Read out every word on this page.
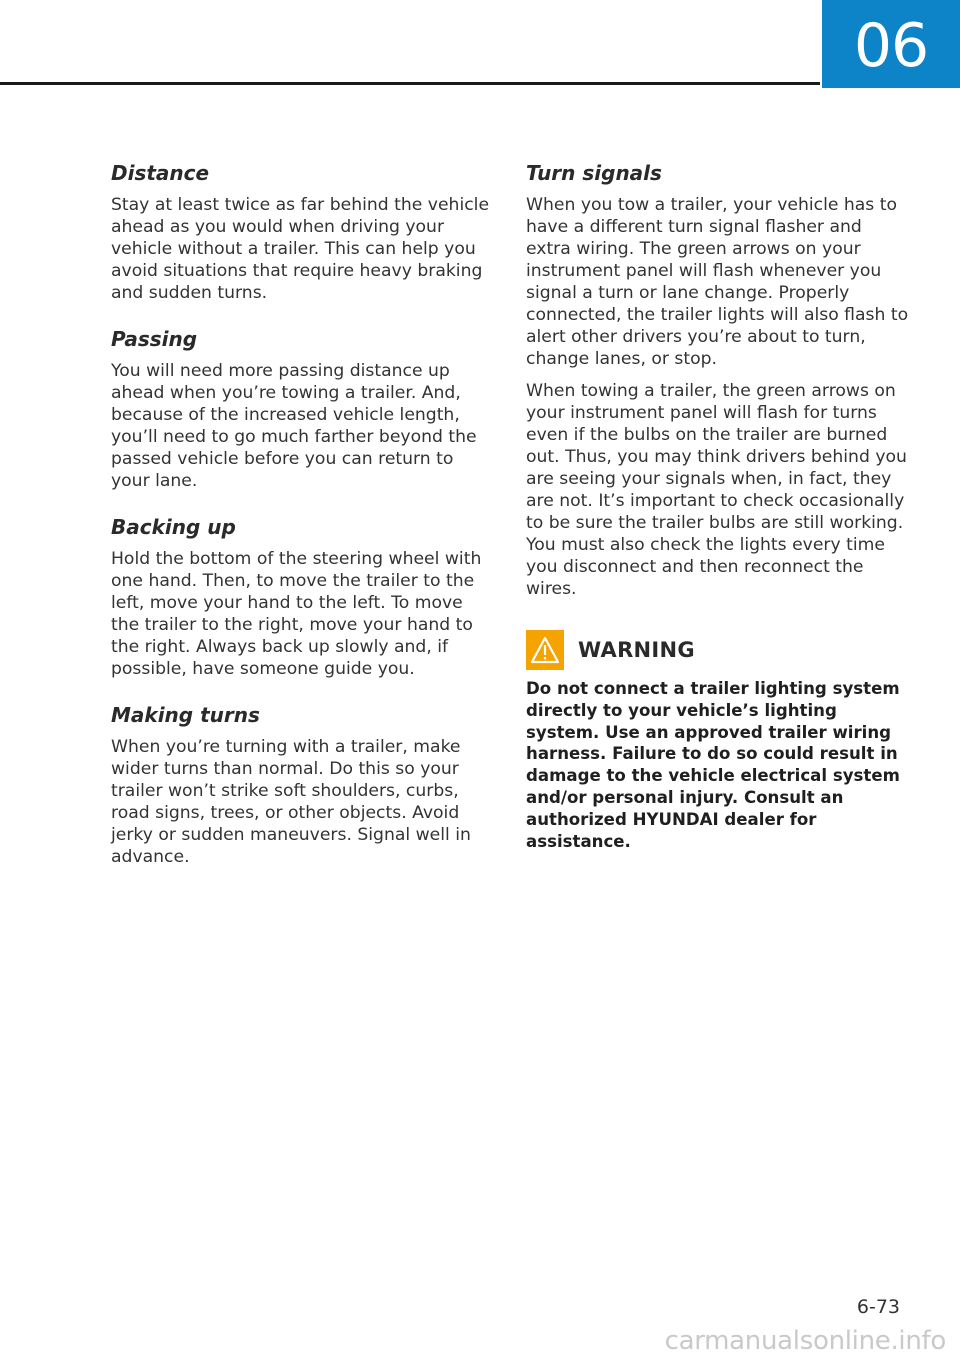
06
Distance

Stay at least twice as far behind the vehicle ahead as you would when driving your vehicle without a trailer. This can help you avoid situations that require heavy braking and sudden turns.

Passing

You will need more passing distance up ahead when you’re towing a trailer. And, because of the increased vehicle length, you’ll need to go much farther beyond the passed vehicle before you can return to your lane.

Backing up

Hold the bottom of the steering wheel with one hand. Then, to move the trailer to the left, move your hand to the left. To move the trailer to the right, move your hand to the right. Always back up slowly and, if possible, have someone guide you.

Making turns

When you’re turning with a trailer, make wider turns than normal. Do this so your trailer won’t strike soft shoulders, curbs, road signs, trees, or other objects. Avoid jerky or sudden maneuvers. Signal well in advance.

Turn signals

When you tow a trailer, your vehicle has to have a different turn signal flasher and extra wiring. The green arrows on your instrument panel will flash whenever you signal a turn or lane change. Properly connected, the trailer lights will also flash to alert other drivers you’re about to turn, change lanes, or stop.

When towing a trailer, the green arrows on your instrument panel will flash for turns even if the bulbs on the trailer are burned out. Thus, you may think drivers behind you are seeing your signals when, in fact, they are not. It’s important to check occasionally to be sure the trailer bulbs are still working. You must also check the lights every time you disconnect and then reconnect the wires.

WARNING

Do not connect a trailer lighting system directly to your vehicle’s lighting system. Use an approved trailer wiring harness. Failure to do so could result in damage to the vehicle electrical system and/or personal injury. Consult an authorized HYUNDAI dealer for assistance.

6-73
carmanualsonline.info
